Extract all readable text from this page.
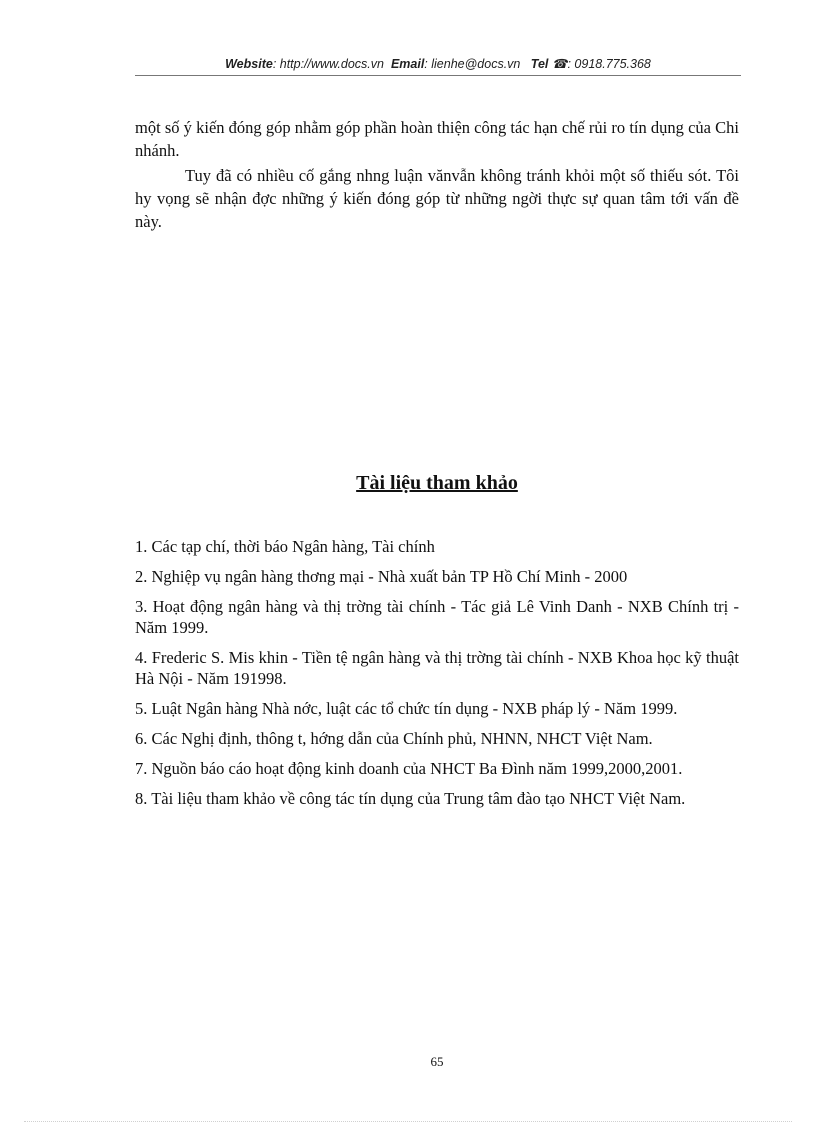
Website: http://www.docs.vn Email: lienhe@docs.vn Tel ☎: 0918.775.368
một số ý kiến đóng góp nhằm góp phần hoàn thiện công tác hạn chế rủi ro tín dụng của Chi nhánh.
Tuy đã có nhiều cố gắng nhng luận vănvẫn không tránh khỏi một số thiếu sót. Tôi hy vọng sẽ nhận đợc những ý kiến đóng góp từ những ngời thực sự quan tâm tới vấn đề này.
Tài liệu tham khảo
1. Các tạp chí, thời báo Ngân hàng, Tài chính
2. Nghiệp vụ ngân hàng thơng mại - Nhà xuất bản TP Hồ Chí Minh - 2000
3. Hoạt động ngân hàng và thị trờng tài chính - Tác giả Lê Vinh Danh - NXB Chính trị - Năm 1999.
4. Frederic S. Mis khin - Tiền tệ ngân hàng và thị trờng tài chính - NXB Khoa học kỹ thuật Hà Nội - Năm 191998.
5. Luật Ngân hàng Nhà nớc, luật các tổ chức tín dụng - NXB pháp lý - Năm 1999.
6. Các Nghị định, thông t, hớng dẫn của Chính phủ, NHNN, NHCT Việt Nam.
7. Nguồn báo cáo hoạt động kinh doanh của NHCT Ba Đình năm 1999,2000,2001.
8. Tài liệu tham khảo về công tác tín dụng của Trung tâm đào tạo NHCT Việt Nam.
65
